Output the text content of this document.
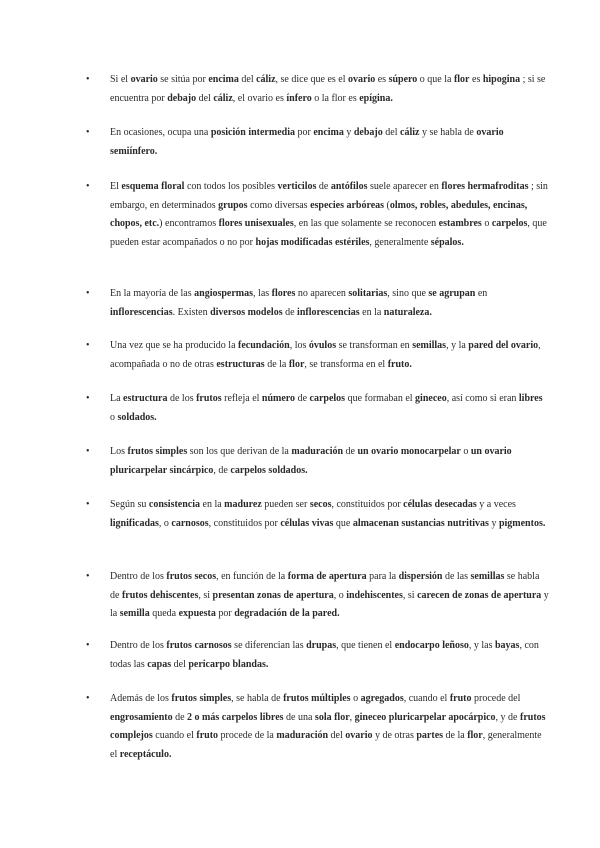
• Si el ovario se sitúa por encima del cáliz, se dice que es el ovario es súpero o que la flor es hipogina ; si se encuentra por debajo del cáliz, el ovario es ínfero o la flor es epígina.
• En ocasiones, ocupa una posición intermedia por encima y debajo del cáliz y se habla de ovario semiínfero.
• El esquema floral con todos los posibles verticilos de antófilos suele aparecer en flores hermafroditas ; sin embargo, en determinados grupos como diversas especies arbóreas (olmos, robles, abedules, encinas, chopos, etc.) encontramos flores unisexuales, en las que solamente se reconocen estambres o carpelos, que pueden estar acompañados o no por hojas modificadas estériles, generalmente sépalos.
• En la mayoría de las angiospermas, las flores no aparecen solitarias, sino que se agrupan en inflorescencias. Existen diversos modelos de inflorescencias en la naturaleza.
• Una vez que se ha producido la fecundación, los óvulos se transforman en semillas, y la pared del ovario, acompañada o no de otras estructuras de la flor, se transforma en el fruto.
• La estructura de los frutos refleja el número de carpelos que formaban el gineceo, así como si eran libres o soldados.
• Los frutos simples son los que derivan de la maduración de un ovario monocarpelar o un ovario pluricarpelar sincárpico, de carpelos soldados.
• Según su consistencia en la madurez pueden ser secos, constituidos por células desecadas y a veces lignificadas, o carnosos, constituidos por células vivas que almacenan sustancias nutritivas y pigmentos.
• Dentro de los frutos secos, en función de la forma de apertura para la dispersión de las semillas se habla de frutos dehiscentes, si presentan zonas de apertura, o indehiscentes, si carecen de zonas de apertura y la semilla queda expuesta por degradación de la pared.
• Dentro de los frutos carnosos se diferencian las drupas, que tienen el endocarpo leñoso, y las bayas, con todas las capas del pericarpo blandas.
• Además de los frutos simples, se habla de frutos múltiples o agregados, cuando el fruto procede del engrosamiento de 2 o más carpelos libres de una sola flor, gineceo pluricarpelar apocárpico, y de frutos complejos cuando el fruto procede de la maduración del ovario y de otras partes de la flor, generalmente el receptáculo.
